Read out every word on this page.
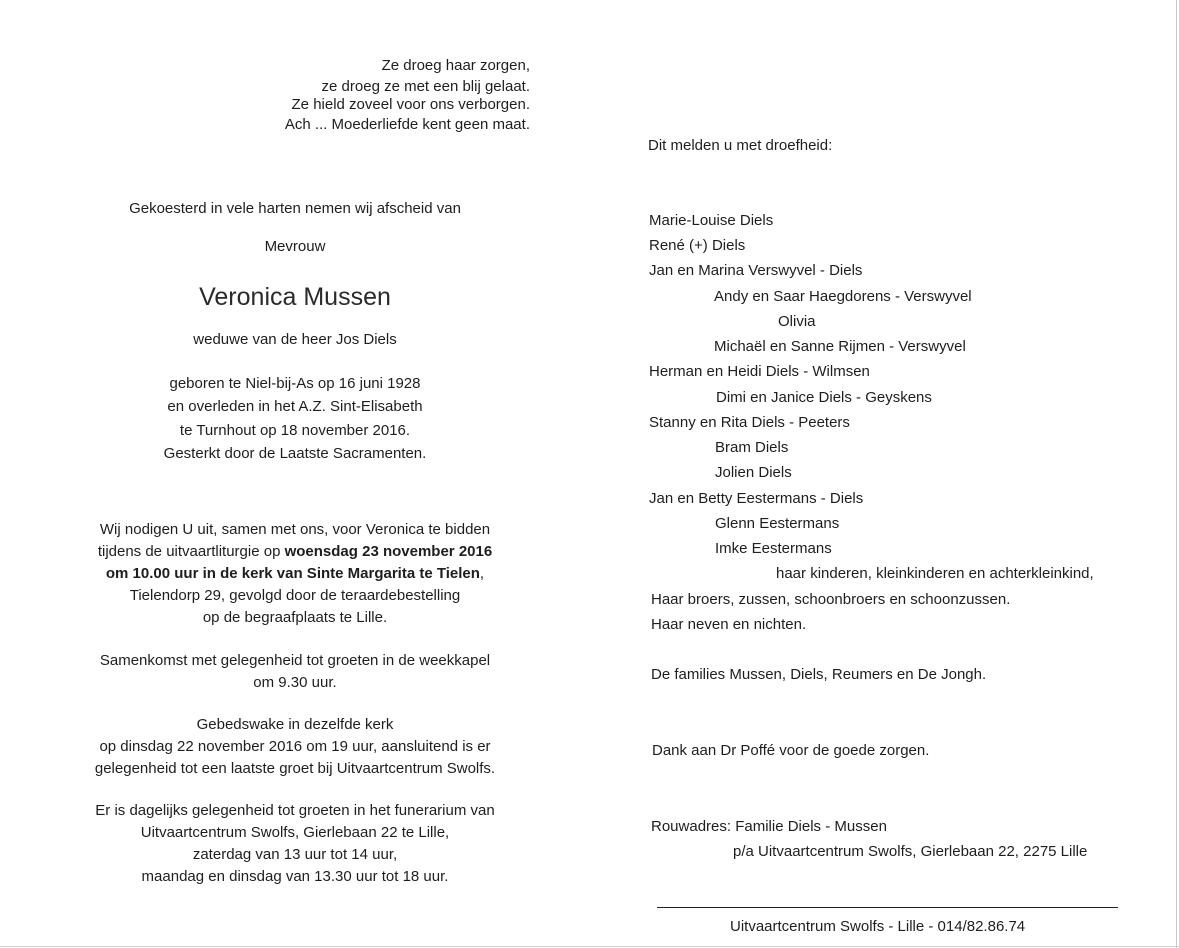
Ze droeg haar zorgen,
ze droeg ze met een blij gelaat.
Ze hield zoveel voor ons verborgen.
Ach ... Moederliefde kent geen maat.
Gekoesterd in vele harten nemen wij afscheid van
Mevrouw
Veronica Mussen
weduwe van de heer Jos Diels
geboren te Niel-bij-As op 16 juni 1928
en overleden in het A.Z. Sint-Elisabeth
te Turnhout op 18 november 2016.
Gesterkt door de Laatste Sacramenten.
Wij nodigen U uit, samen met ons, voor Veronica te bidden
tijdens de uitvaartliturgie op woensdag 23 november 2016
om 10.00 uur in de kerk van Sinte Margarita te Tielen,
Tielendorp 29, gevolgd door de teraardebestelling
op de begraafplaats te Lille.
Samenkomst met gelegenheid tot groeten in de weekkapel
om 9.30 uur.
Gebedswake in dezelfde kerk
op dinsdag 22 november 2016 om 19 uur, aansluitend is er
gelegenheid tot een laatste groet bij Uitvaartcentrum Swolfs.
Er is dagelijks gelegenheid tot groeten in het funerarium van
Uitvaartcentrum Swolfs, Gierlebaan 22 te Lille,
zaterdag van 13 uur tot 14 uur,
maandag en dinsdag van 13.30 uur tot 18 uur.
Dit melden u met droefheid:
Marie-Louise Diels
René (+) Diels
Jan en Marina Verswyvel - Diels
Andy en Saar Haegdorens - Verswyvel
Olivia
Michaël en Sanne Rijmen - Verswyvel
Herman en Heidi Diels - Wilmsen
Dimi en Janice Diels - Geyskens
Stanny en Rita Diels - Peeters
Bram Diels
Jolien Diels
Jan en Betty Eestermans - Diels
Glenn Eestermans
Imke Eestermans
haar kinderen, kleinkinderen en achterkleinkind,
Haar broers, zussen, schoonbroers en schoonzussen.
Haar neven en nichten.
De families Mussen, Diels, Reumers en De Jongh.
Dank aan Dr Poffé voor de goede zorgen.
Rouwadres: Familie Diels - Mussen
p/a Uitvaartcentrum Swolfs, Gierlebaan 22, 2275 Lille
Uitvaartcentrum Swolfs - Lille - 014/82.86.74
